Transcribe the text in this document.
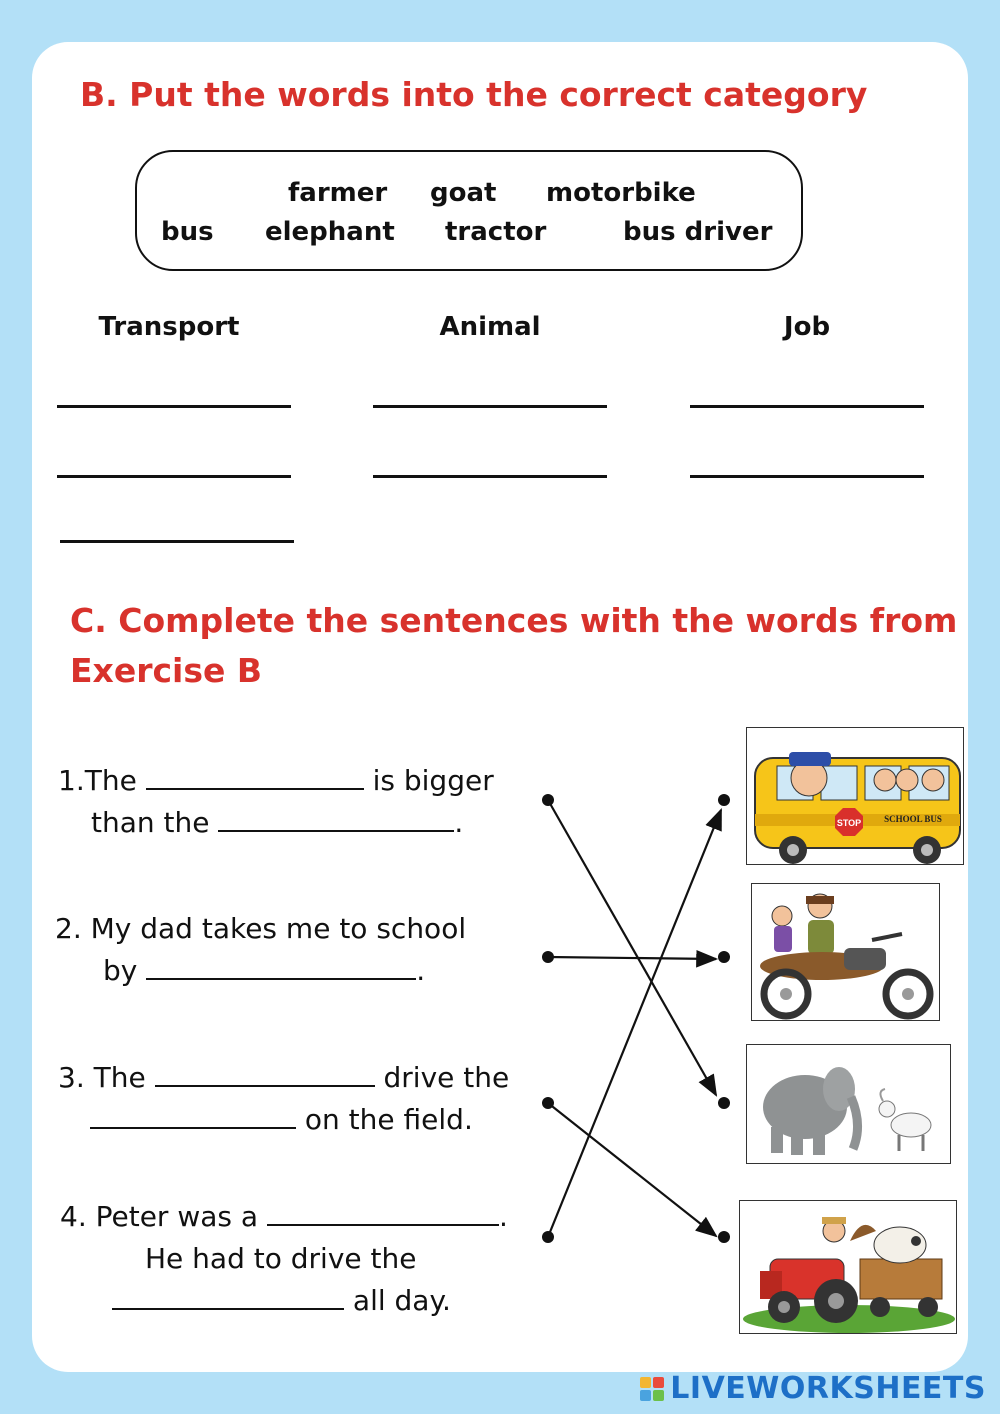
B. Put the words into the correct category
farmer goat motorbike
bus elephant tractor	bus driver
Transport	Animal	Job
C. Complete the sentences with the words from
Exercise B
1.The	is bigger
than the	.
2. My dad takes me to school
by	.
3. The	drive the
on the field.
4. Peter was a	.
He had to drive the
all day.
STOP	SCHOOL BUS
LIVEWORKSHEETS
